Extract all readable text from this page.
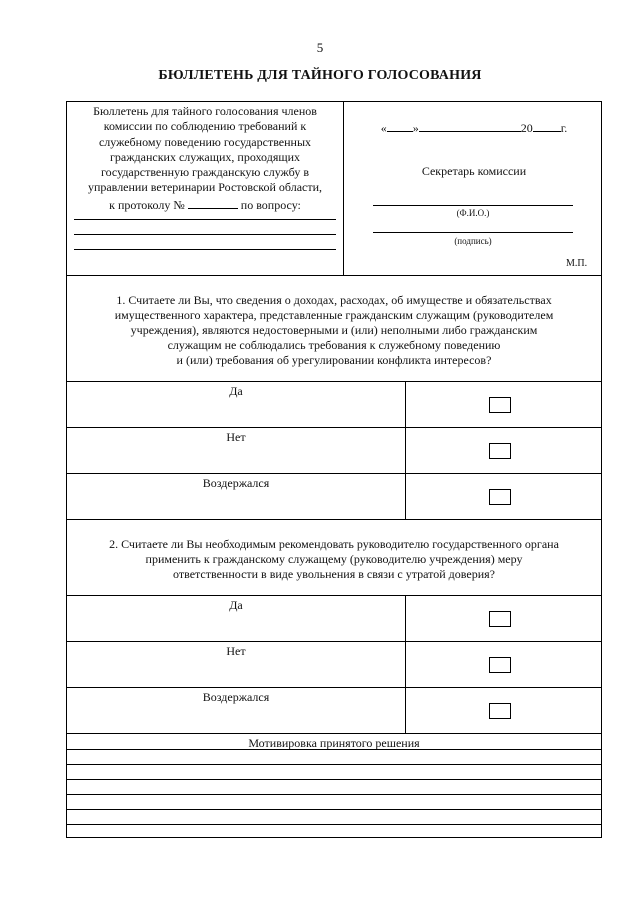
5
БЮЛЛЕТЕНЬ ДЛЯ ТАЙНОГО ГОЛОСОВАНИЯ
Бюллетень для тайного голосования членов
комиссии по соблюдению требований к
служебному поведению государственных
гражданских служащих, проходящих
государственную гражданскую службу в
управлении ветеринарии Ростовской области,
к протоколу №	по вопросу:
« »	20 г.
Секретарь комиссии
(Ф.И.О.)
(подпись)
М.П.
1. Считаете ли Вы, что сведения о доходах, расходах, об имуществе и обязательствах
имущественного характера, представленные гражданским служащим (руководителем
учреждения), являются недостоверными и (или) неполными либо гражданским
служащим не соблюдались требования к служебному поведению
и (или) требования об урегулировании конфликта интересов?
Да
Нет
Воздержался
2. Считаете ли Вы необходимым рекомендовать руководителю государственного органа
применить к гражданскому служащему (руководителю учреждения) меру
ответственности в виде увольнения в связи с утратой доверия?
Да
Нет
Воздержался
Мотивировка принятого решения
